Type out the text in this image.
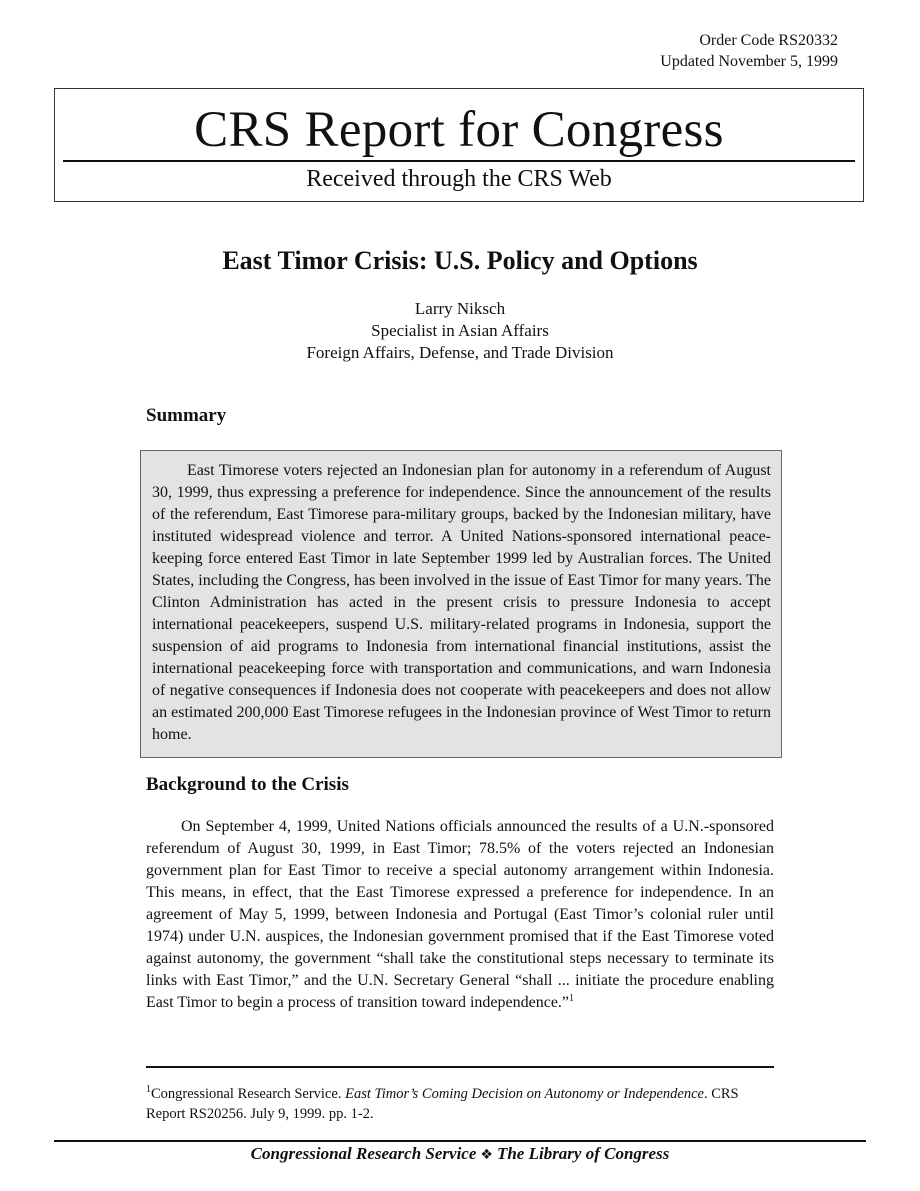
Order Code RS20332
Updated November 5, 1999
CRS Report for Congress
Received through the CRS Web
East Timor Crisis: U.S. Policy and Options
Larry Niksch
Specialist in Asian Affairs
Foreign Affairs, Defense, and Trade Division
Summary

East Timorese voters rejected an Indonesian plan for autonomy in a referendum of August 30, 1999, thus expressing a preference for independence. Since the announcement of the results of the referendum, East Timorese para-military groups, backed by the Indonesian military, have instituted widespread violence and terror. A United Nations-sponsored international peace-keeping force entered East Timor in late September 1999 led by Australian forces. The United States, including the Congress, has been involved in the issue of East Timor for many years. The Clinton Administration has acted in the present crisis to pressure Indonesia to accept international peacekeepers, suspend U.S. military-related programs in Indonesia, support the suspension of aid programs to Indonesia from international financial institutions, assist the international peacekeeping force with transportation and communications, and warn Indonesia of negative consequences if Indonesia does not cooperate with peacekeepers and does not allow an estimated 200,000 East Timorese refugees in the Indonesian province of West Timor to return home.

Background to the Crisis

On September 4, 1999, United Nations officials announced the results of a U.N.-sponsored referendum of August 30, 1999, in East Timor; 78.5% of the voters rejected an Indonesian government plan for East Timor to receive a special autonomy arrangement within Indonesia. This means, in effect, that the East Timorese expressed a preference for independence. In an agreement of May 5, 1999, between Indonesia and Portugal (East Timor’s colonial ruler until 1974) under U.N. auspices, the Indonesian government promised that if the East Timorese voted against autonomy, the government “shall take the constitutional steps necessary to terminate its links with East Timor,” and the U.N. Secretary General “shall ... initiate the procedure enabling East Timor to begin a process of transition toward independence.”$^1$

$^1$Congressional Research Service. East Timor’s Coming Decision on Autonomy or Independence. CRS Report RS20256. July 9, 1999. pp. 1-2.
Congressional Research Service ❖ The Library of Congress
